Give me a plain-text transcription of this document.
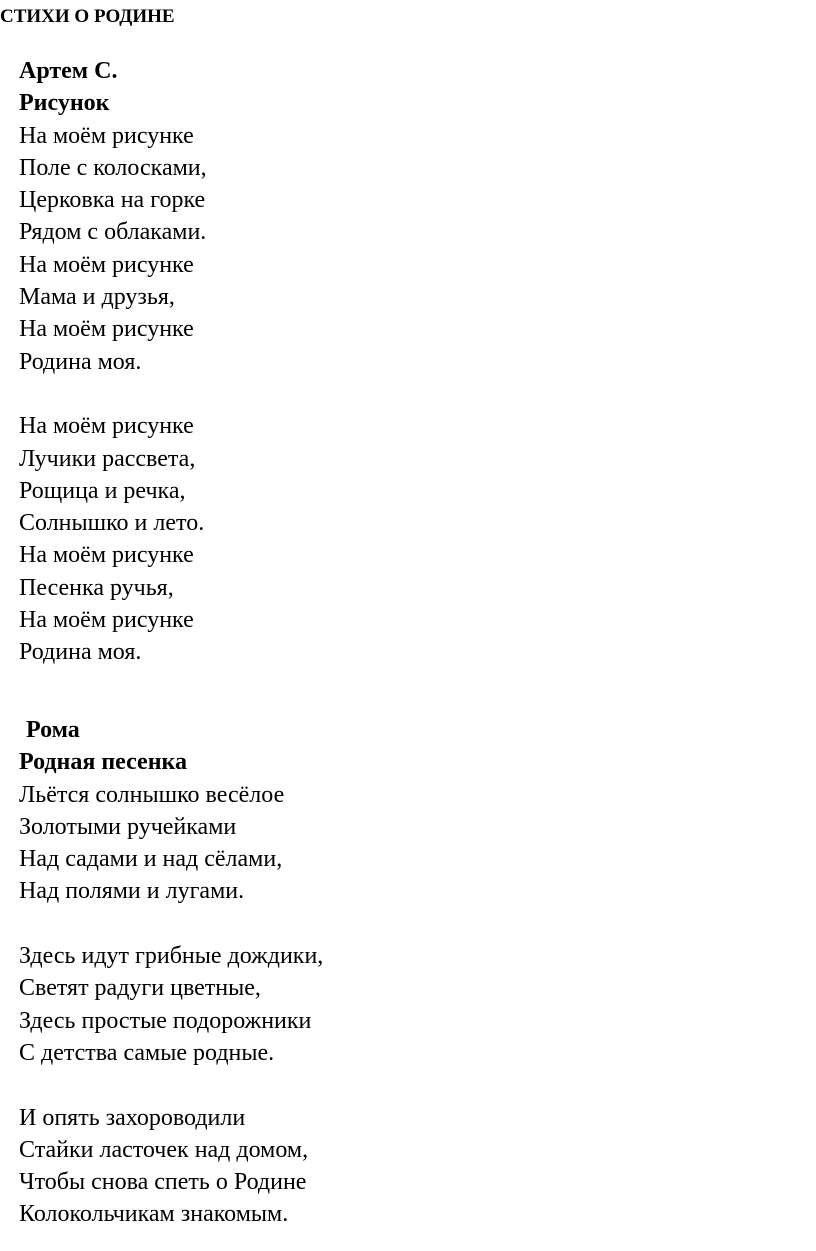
СТИХИ О РОДИНЕ
Артем С.
Рисунок
На моём рисунке
Поле с колосками,
Церковка на горке
Рядом с облаками.
На моём рисунке
Мама и друзья,
На моём рисунке
Родина моя.
На моём рисунке
Лучики рассвета,
Рощица и речка,
Солнышко и лето.
На моём рисунке
Песенка ручья,
На моём рисунке
Родина моя.
Рома
Родная песенка
Льётся солнышко весёлое
Золотыми ручейками
Над садами и над сёлами,
Над полями и лугами.
Здесь идут грибные дождики,
Светят радуги цветные,
Здесь простые подорожники
С детства самые родные.
И опять захороводили
Стайки ласточек над домом,
Чтобы снова спеть о Родине
Колокольчикам знакомым.
